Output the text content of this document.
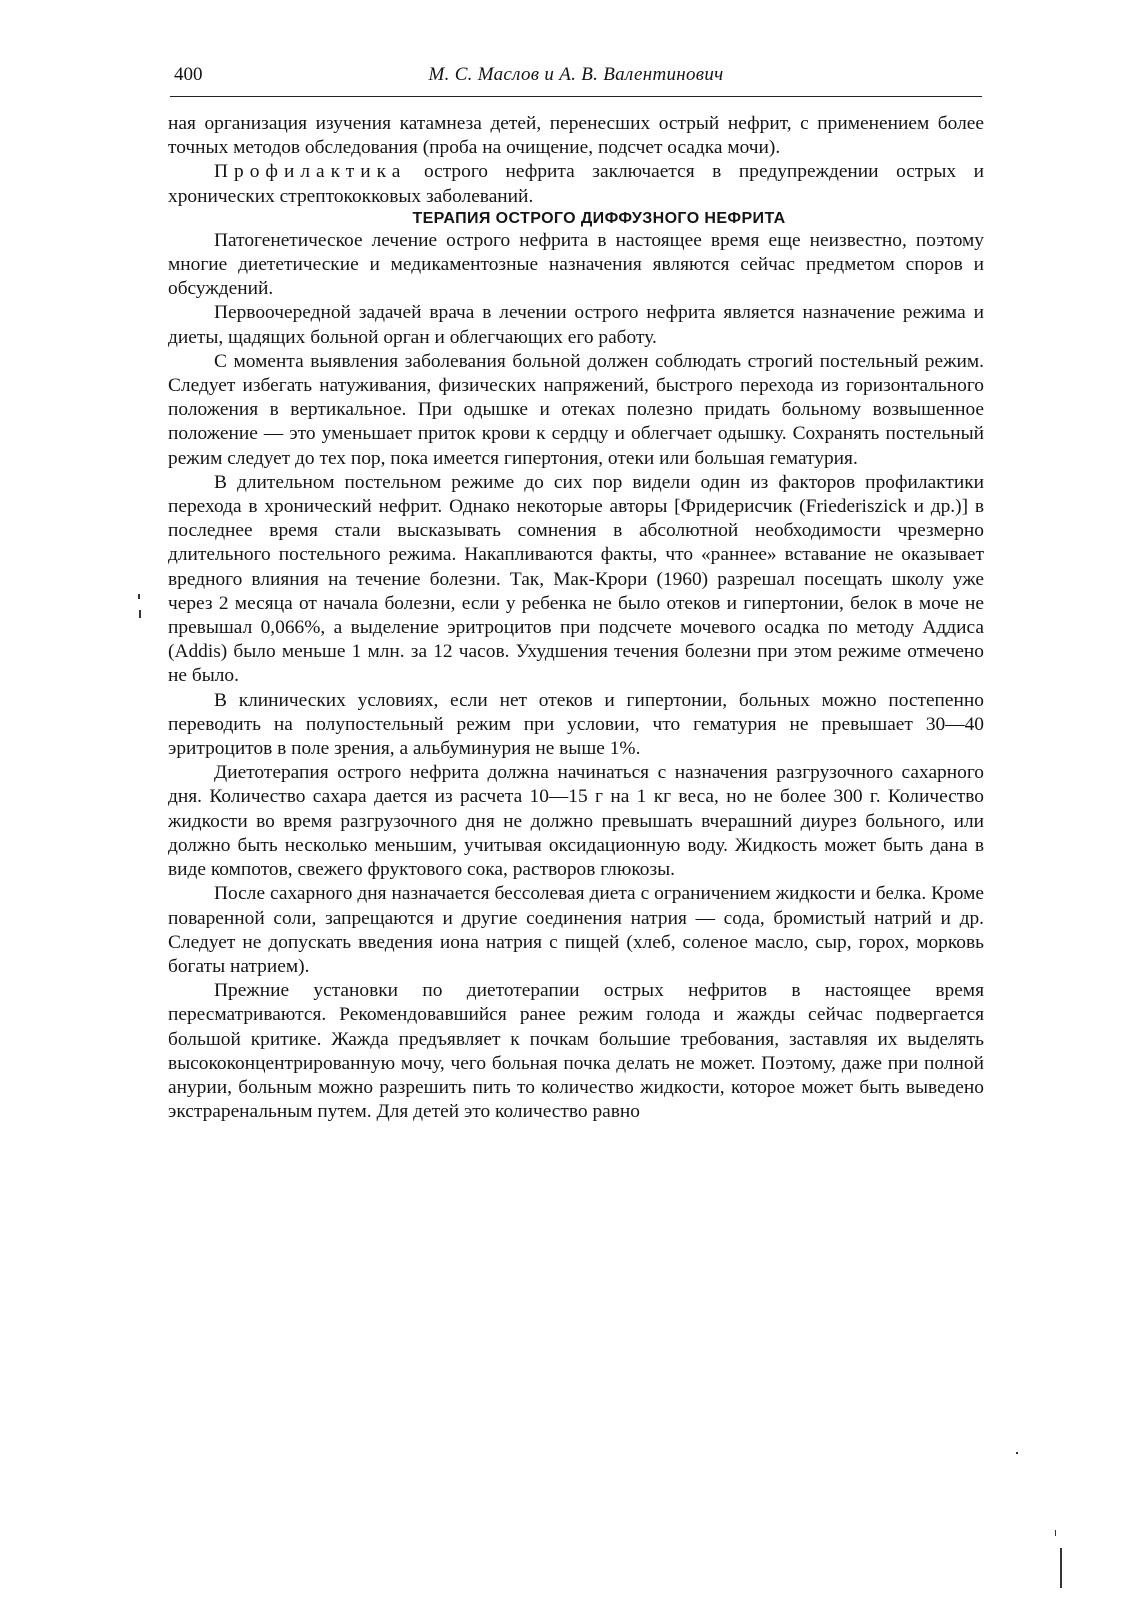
400	М. С. Маслов и А. В. Валентинович

ная организация изучения катамнеза детей, перенесших острый нефрит, с применением более точных методов обследования (проба на очищение, подсчет осадка мочи).

Профилактика острого нефрита заключается в предупреждении острых и хронических стрептококковых заболеваний.

ТЕРАПИЯ ОСТРОГО ДИФФУЗНОГО НЕФРИТА

Патогенетическое лечение острого нефрита в настоящее время еще неизвестно, поэтому многие диететические и медикаментозные назначения являются сейчас предметом споров и обсуждений.

Первоочередной задачей врача в лечении острого нефрита является назначение режима и диеты, щадящих больной орган и облегчающих его работу.

С момента выявления заболевания больной должен соблюдать строгий постельный режим. Следует избегать натуживания, физических напряжений, быстрого перехода из горизонтального положения в вертикальное. При одышке и отеках полезно придать больному возвышенное положение — это уменьшает приток крови к сердцу и облегчает одышку. Сохранять постельный режим следует до тех пор, пока имеется гипертония, отеки или большая гематурия.

В длительном постельном режиме до сих пор видели один из факторов профилактики перехода в хронический нефрит. Однако некоторые авторы [Фридерисчик (Friederiszick и др.)] в последнее время стали высказывать сомнения в абсолютной необходимости чрезмерно длительного постельного режима. Накапливаются факты, что «раннее» вставание не оказывает вредного влияния на течение болезни. Так, Мак-Крори (1960) разрешал посещать школу уже через 2 месяца от начала болезни, если у ребенка не было отеков и гипертонии, белок в моче не превышал 0,066%, а выделение эритроцитов при подсчете мочевого осадка по методу Аддиса (Addis) было меньше 1 млн. за 12 часов. Ухудшения течения болезни при этом режиме отмечено не было.

В клинических условиях, если нет отеков и гипертонии, больных можно постепенно переводить на полупостельный режим при условии, что гематурия не превышает 30—40 эритроцитов в поле зрения, а альбуминурия не выше 1%.

Диетотерапия острого нефрита должна начинаться с назначения разгрузочного сахарного дня. Количество сахара дается из расчета 10—15 г на 1 кг веса, но не более 300 г. Количество жидкости во время разгрузочного дня не должно превышать вчерашний диурез больного, или должно быть несколько меньшим, учитывая оксидационную воду. Жидкость может быть дана в виде компотов, свежего фруктового сока, растворов глюкозы.

После сахарного дня назначается бессолевая диета с ограничением жидкости и белка. Кроме поваренной соли, запрещаются и другие соединения натрия — сода, бромистый натрий и др. Следует не допускать введения иона натрия с пищей (хлеб, соленое масло, сыр, горох, морковь богаты натрием).

Прежние установки по диетотерапии острых нефритов в настоящее время пересматриваются. Рекомендовавшийся ранее режим голода и жажды сейчас подвергается большой критике. Жажда предъявляет к почкам большие требования, заставляя их выделять высококонцентрированную мочу, чего больная почка делать не может. Поэтому, даже при полной анурии, больным можно разрешить пить то количество жидкости, которое может быть выведено экстраренальным путем. Для детей это количество равно
